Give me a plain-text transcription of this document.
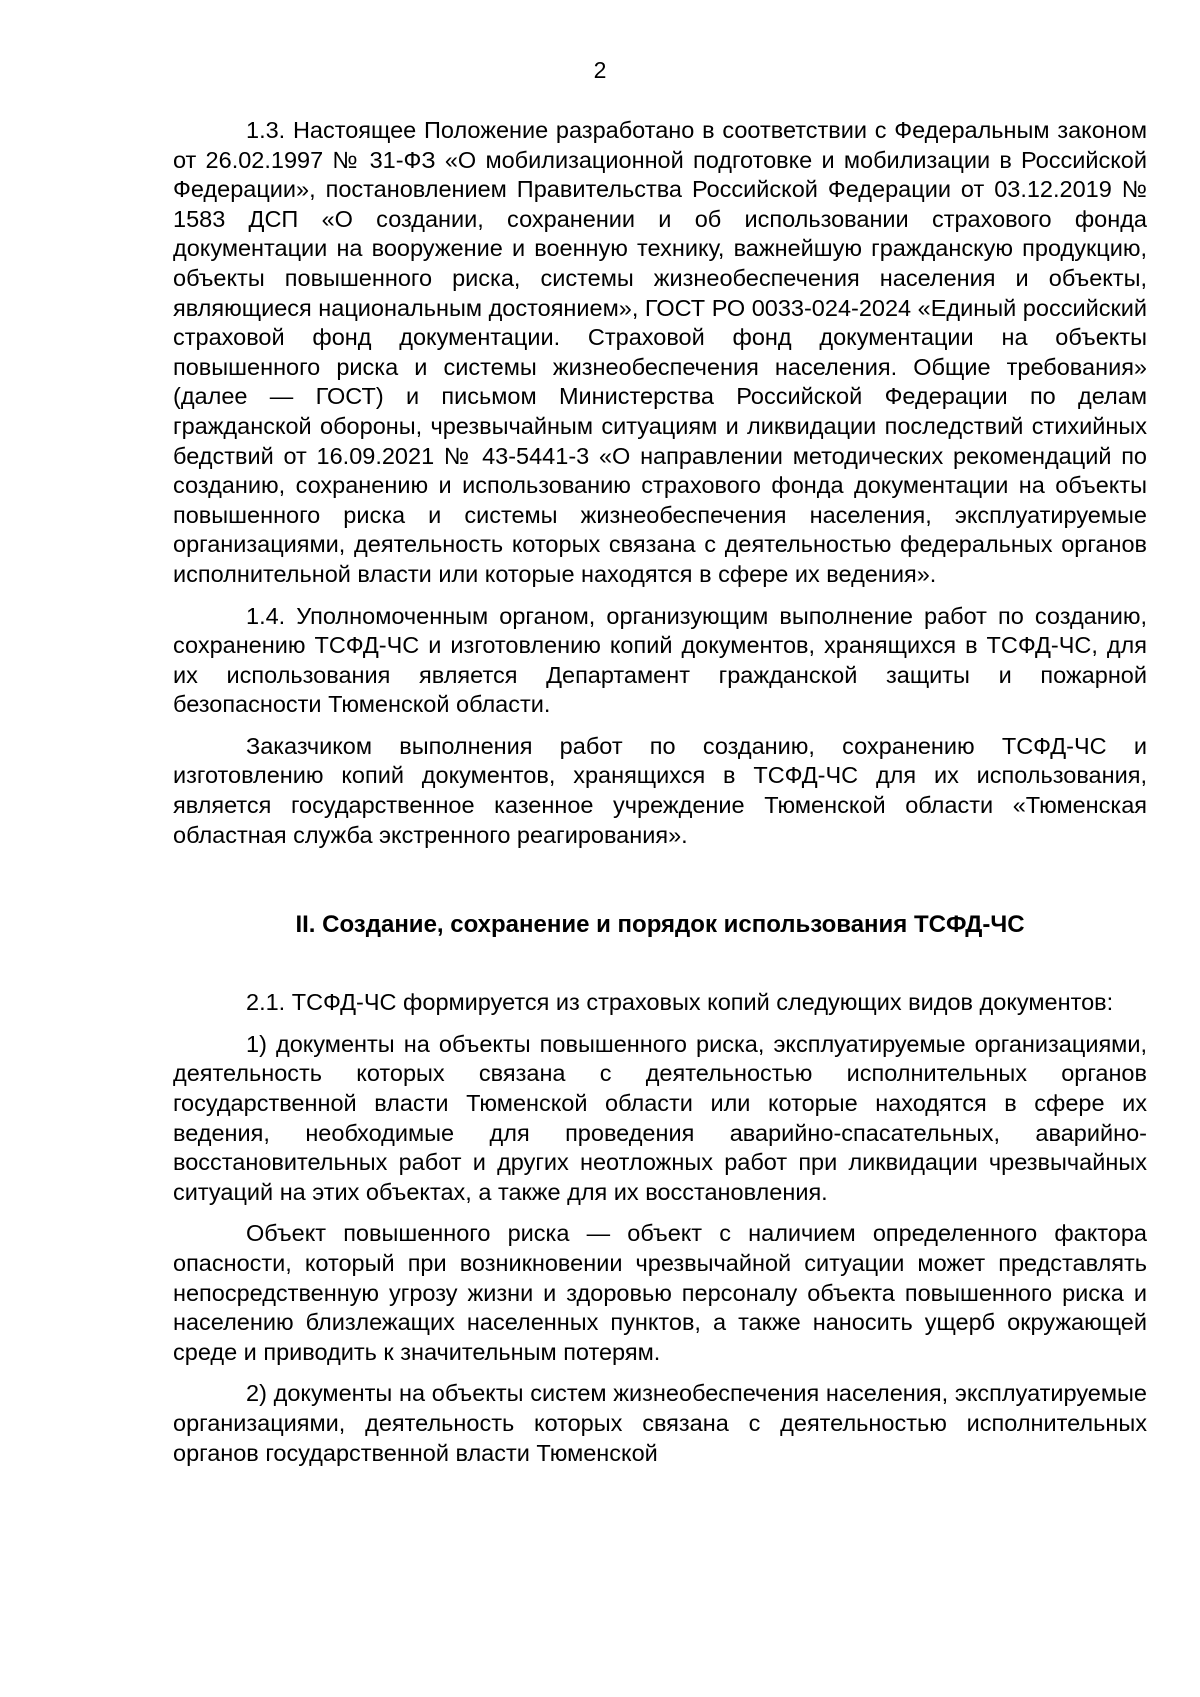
2

1.3. Настоящее Положение разработано в соответствии с Федеральным законом от 26.02.1997 № 31-ФЗ «О мобилизационной подготовке и мобилизации в Российской Федерации», постановлением Правительства Российской Федерации от 03.12.2019 № 1583 ДСП «О создании, сохранении и об использовании страхового фонда документации на вооружение и военную технику, важнейшую гражданскую продукцию, объекты повышенного риска, системы жизнеобеспечения населения и объекты, являющиеся национальным достоянием», ГОСТ РО 0033-024-2024 «Единый российский страховой фонд документации. Страховой фонд документации на объекты повышенного риска и системы жизнеобеспечения населения. Общие требования» (далее — ГОСТ) и письмом Министерства Российской Федерации по делам гражданской обороны, чрезвычайным ситуациям и ликвидации последствий стихийных бедствий от 16.09.2021 № 43-5441-3 «О направлении методических рекомендаций по созданию, сохранению и использованию страхового фонда документации на объекты повышенного риска и системы жизнеобеспечения населения, эксплуатируемые организациями, деятельность которых связана с деятельностью федеральных органов исполнительной власти или которые находятся в сфере их ведения».

1.4. Уполномоченным органом, организующим выполнение работ по созданию, сохранению ТСФД-ЧС и изготовлению копий документов, хранящихся в ТСФД-ЧС, для их использования является Департамент гражданской защиты и пожарной безопасности Тюменской области.

Заказчиком выполнения работ по созданию, сохранению ТСФД-ЧС и изготовлению копий документов, хранящихся в ТСФД-ЧС для их использования, является государственное казенное учреждение Тюменской области «Тюменская областная служба экстренного реагирования».

II. Создание, сохранение и порядок использования ТСФД-ЧС

2.1. ТСФД-ЧС формируется из страховых копий следующих видов документов:

1) документы на объекты повышенного риска, эксплуатируемые организациями, деятельность которых связана с деятельностью исполнительных органов государственной власти Тюменской области или которые находятся в сфере их ведения, необходимые для проведения аварийно-спасательных, аварийно-восстановительных работ и других неотложных работ при ликвидации чрезвычайных ситуаций на этих объектах, а также для их восстановления.

Объект повышенного риска — объект с наличием определенного фактора опасности, который при возникновении чрезвычайной ситуации может представлять непосредственную угрозу жизни и здоровью персоналу объекта повышенного риска и населению близлежащих населенных пунктов, а также наносить ущерб окружающей среде и приводить к значительным потерям.

2) документы на объекты систем жизнеобеспечения населения, эксплуатируемые организациями, деятельность которых связана с деятельностью исполнительных органов государственной власти Тюменской
